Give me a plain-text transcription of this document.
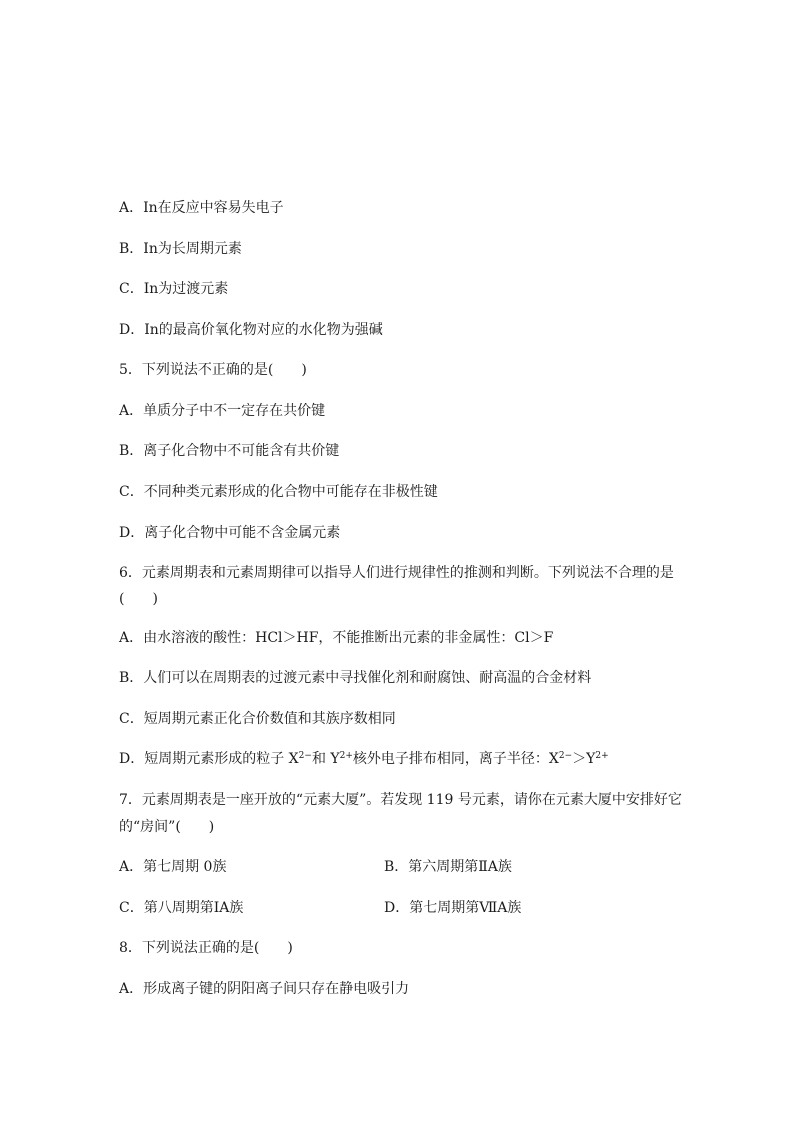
A．In在反应中容易失电子
B．In为长周期元素
C．In为过渡元素
D．In的最高价氧化物对应的水化物为强碱
5．下列说法不正确的是(　　)
A．单质分子中不一定存在共价键
B．离子化合物中不可能含有共价键
C．不同种类元素形成的化合物中可能存在非极性键
D．离子化合物中可能不含金属元素
6．元素周期表和元素周期律可以指导人们进行规律性的推测和判断。下列说法不合理的是
(　　)
A．由水溶液的酸性：HCl＞HF，不能推断出元素的非金属性：Cl＞F
B．人们可以在周期表的过渡元素中寻找催化剂和耐腐蚀、耐高温的合金材料
C．短周期元素正化合价数值和其族序数相同
D．短周期元素形成的粒子 $X^{2-}$和 $Y^{2+}$核外电子排布相同，离子半径：$X^{2-}>Y^{2+}$
7．元素周期表是一座开放的“元素大厦”。若发现 119 号元素，请你在元素大厦中安排好它
的“房间”(　　)
A．第七周期 0族	B．第六周期第ⅡA族
C．第八周期第ⅠA族	D．第七周期第ⅦA族
8．下列说法正确的是(　　)
A．形成离子键的阴阳离子间只存在静电吸引力
